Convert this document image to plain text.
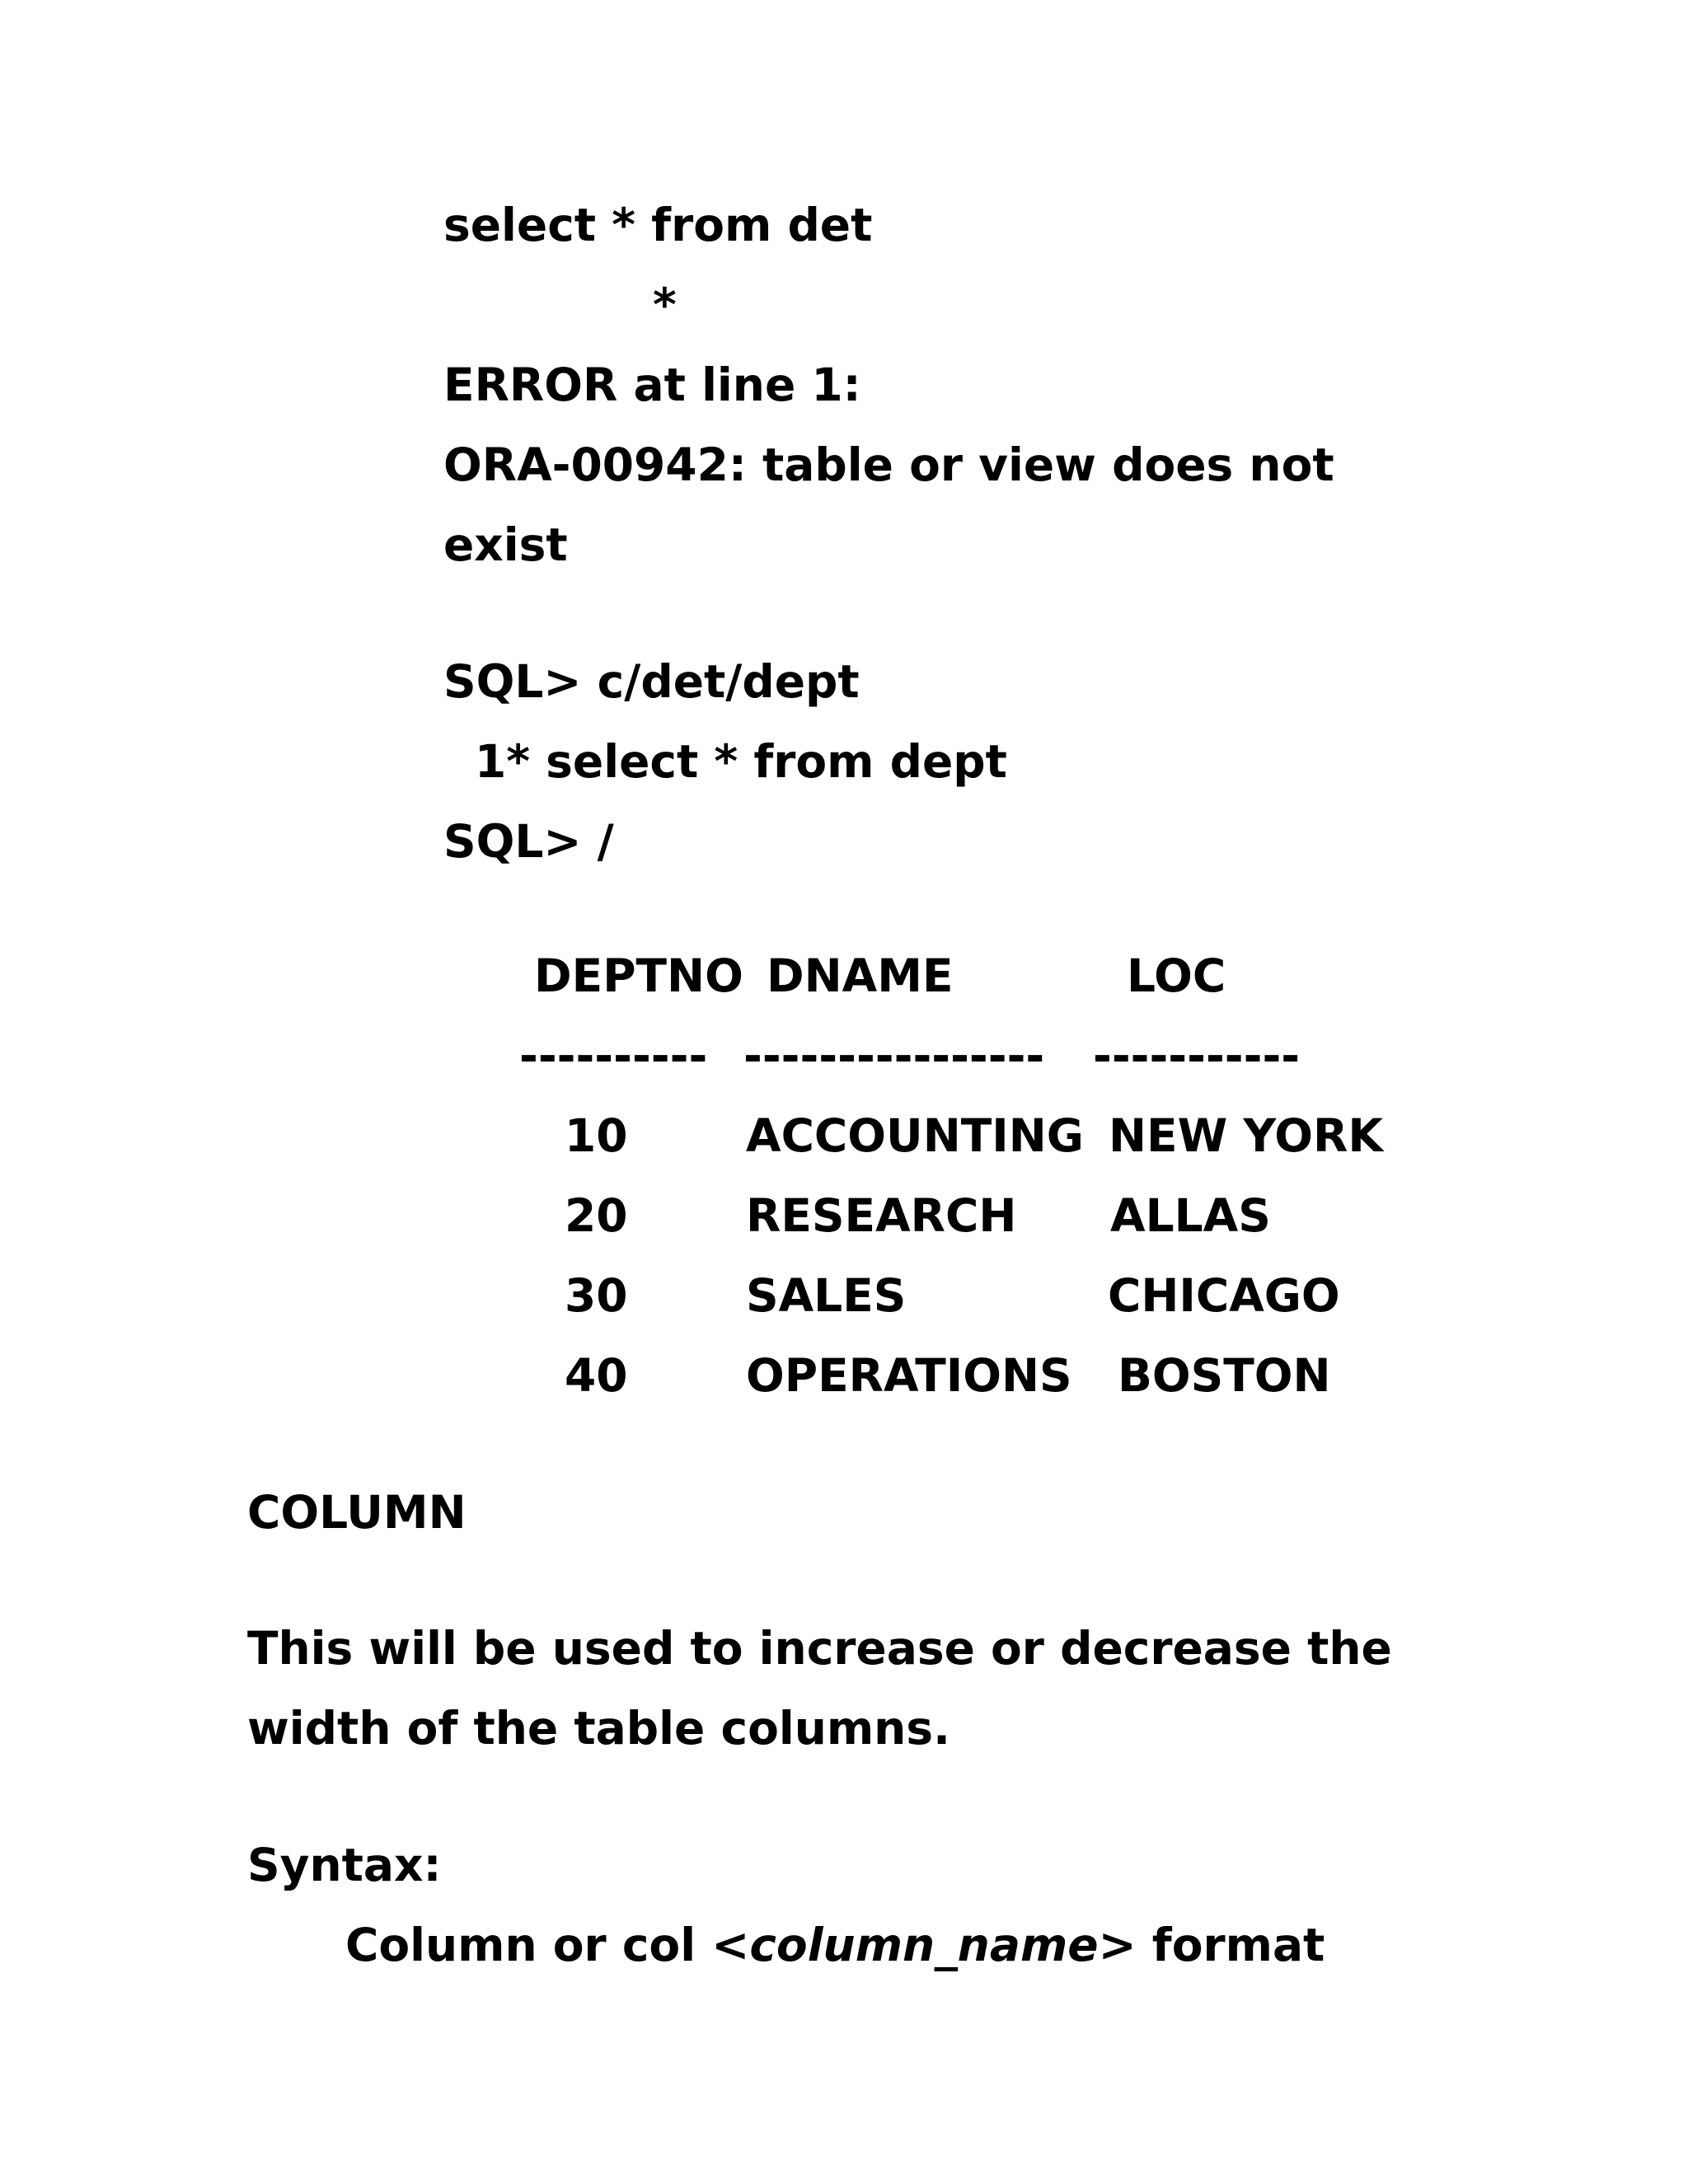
select * from det
*
ERROR at line 1:
ORA-00942: table or view does not
exist
SQL> c/det/dept
1* select * from dept
SQL> /
DEPTNO DNAME	LOC
---------- ---------------- -----------
10	ACCOUNTING NEW YORK
20	RESEARCH ALLAS
30	SALES	CHICAGO
40	OPERATIONS BOSTON
COLUMN
This will be used to increase or decrease the
width of the table columns.
Syntax:
Column or col <column_name> format
